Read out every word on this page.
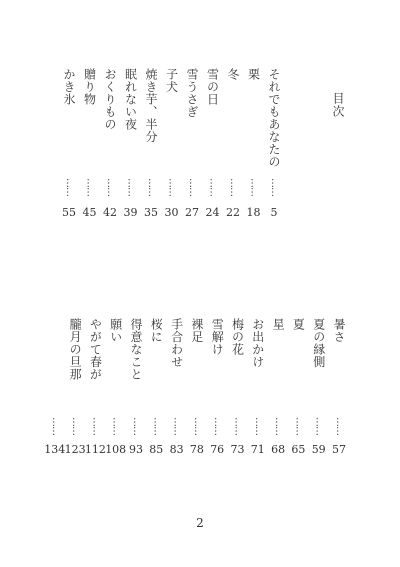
目次
それでもあなたの
……
5
栗
……
18
冬
……
22
雪の日
……
24
雪うさぎ
……
27
子犬
……
30
焼き芋、半分
……
35
眠れない夜
……
39
おくりもの
……
42
贈り物
……
45
かき氷
……
55
暑さ
……
57
夏の縁側
……
59
夏
……
65
星
……
68
お出かけ
……
71
梅の花
……
73
雪解け
……
76
裸足
……
78
手合わせ
……
83
桜に
……
85
得意なこと
……
93
願い
……
108
やがて春が
……
112
朧月の旦那
……
123
……
134
2
